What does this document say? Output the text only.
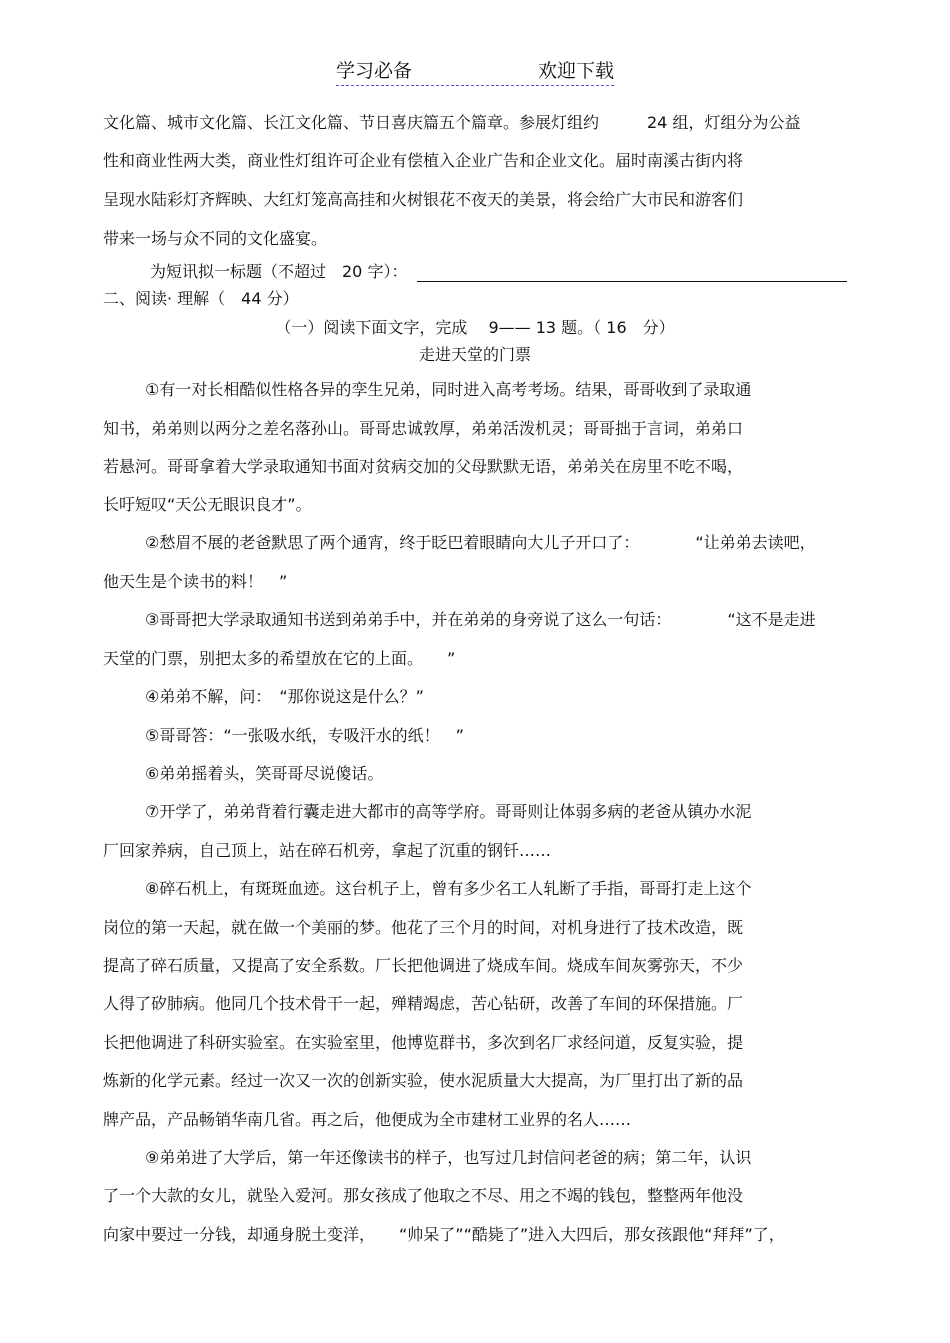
学习必备	欢迎下载
文化篇、城市文化篇、长江文化篇、节日喜庆篇五个篇章。参展灯组约　　　24 组，灯组分为公益
性和商业性两大类，商业性灯组许可企业有偿植入企业广告和企业文化。届时南溪古街内将
呈现水陆彩灯齐辉映、大红灯笼高高挂和火树银花不夜天的美景，将会给广大市民和游客们
带来一场与众不同的文化盛宴。
为短讯拟一标题（不超过　20 字）：
二、阅读· 理解（　44 分）
（一）阅读下面文字，完成　 9—— 13 题。（ 16　分）
走进天堂的门票
①有一对长相酷似性格各异的孪生兄弟，同时进入高考考场。结果，哥哥收到了录取通
知书，弟弟则以两分之差名落孙山。哥哥忠诚敦厚，弟弟活泼机灵；哥哥拙于言词，弟弟口
若悬河。哥哥拿着大学录取通知书面对贫病交加的父母默默无语，弟弟关在房里不吃不喝，
长吁短叹“天公无眼识良才”。
②愁眉不展的老爸默思了两个通宵，终于眨巴着眼睛向大儿子开口了：　　　　“让弟弟去读吧，
他天生是个读书的料！　”
③哥哥把大学录取通知书送到弟弟手中，并在弟弟的身旁说了这么一句话：　　　　“这不是走进
天堂的门票，别把太多的希望放在它的上面。　　”
④弟弟不解，问：　“那你说这是什么？”
⑤哥哥答：“一张吸水纸，专吸汗水的纸！　”
⑥弟弟摇着头，笑哥哥尽说傻话。
⑦开学了，弟弟背着行囊走进大都市的高等学府。哥哥则让体弱多病的老爸从镇办水泥
厂回家养病，自己顶上，站在碎石机旁，拿起了沉重的钢钎……
⑧碎石机上，有斑斑血迹。这台机子上，曾有多少名工人轧断了手指，哥哥打走上这个
岗位的第一天起，就在做一个美丽的梦。他花了三个月的时间，对机身进行了技术改造，既
提高了碎石质量，又提高了安全系数。厂长把他调进了烧成车间。烧成车间灰雾弥天，不少
人得了矽肺病。他同几个技术骨干一起，殚精竭虑，苦心钻研，改善了车间的环保措施。厂
长把他调进了科研实验室。在实验室里，他博览群书，多次到名厂求经问道，反复实验，提
炼新的化学元素。经过一次又一次的创新实验，使水泥质量大大提高，为厂里打出了新的品
牌产品，产品畅销华南几省。再之后，他便成为全市建材工业界的名人……
⑨弟弟进了大学后，第一年还像读书的样子，也写过几封信问老爸的病；第二年，认识
了一个大款的女儿，就坠入爱河。那女孩成了他取之不尽、用之不竭的钱包，整整两年他没
向家中要过一分钱，却通身脱土变洋，　　“帅呆了”“酷毙了”进入大四后，那女孩跟他“拜拜”了，
